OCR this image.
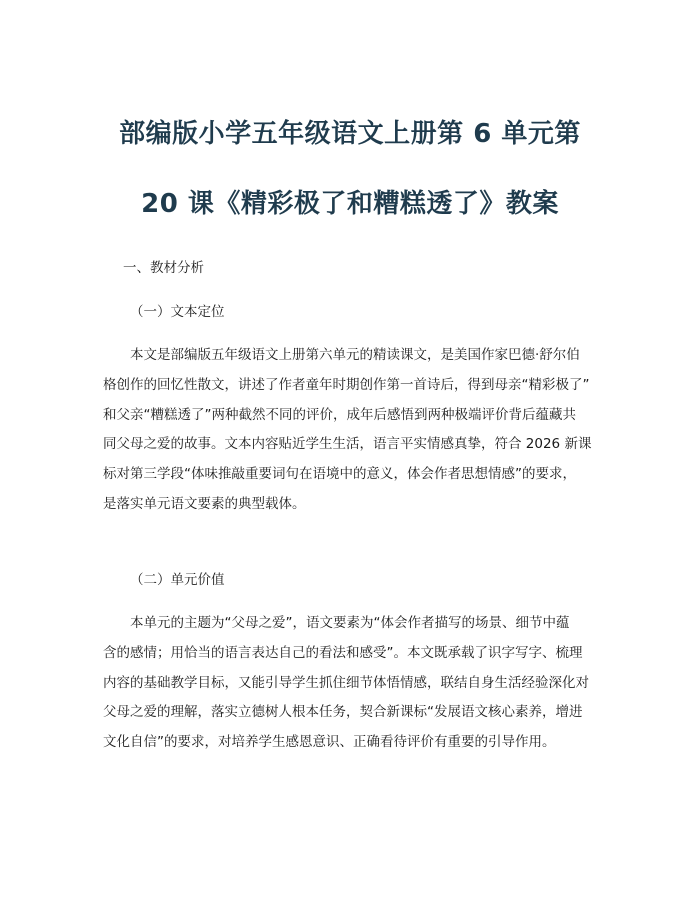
部编版小学五年级语文上册第 6 单元第
20 课《精彩极了和糟糕透了》教案
一、教材分析
（一）文本定位
本文是部编版五年级语文上册第六单元的精读课文，是美国作家巴德·舒尔伯
格创作的回忆性散文，讲述了作者童年时期创作第一首诗后，得到母亲“精彩极了”
和父亲“糟糕透了”两种截然不同的评价，成年后感悟到两种极端评价背后蕴藏共
同父母之爱的故事。文本内容贴近学生生活，语言平实情感真挚，符合 2026 新课
标对第三学段“体味推敲重要词句在语境中的意义，体会作者思想情感”的要求，
是落实单元语文要素的典型载体。
（二）单元价值
本单元的主题为“父母之爱”，语文要素为“体会作者描写的场景、细节中蕴
含的感情；用恰当的语言表达自己的看法和感受”。本文既承载了识字写字、梳理
内容的基础教学目标，又能引导学生抓住细节体悟情感，联结自身生活经验深化对
父母之爱的理解，落实立德树人根本任务，契合新课标“发展语文核心素养，增进
文化自信”的要求，对培养学生感恩意识、正确看待评价有重要的引导作用。
